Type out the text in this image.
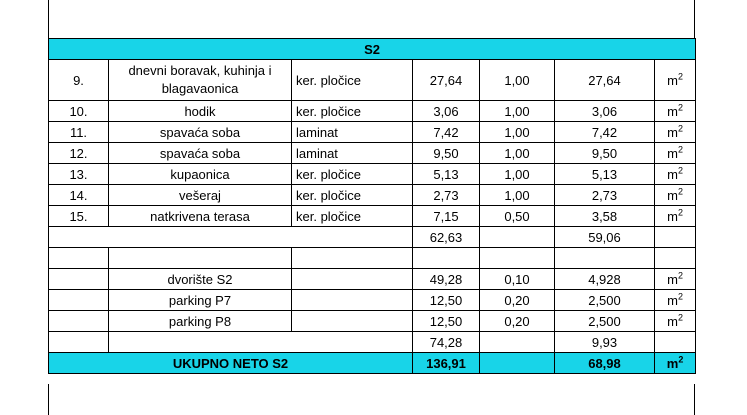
S2						
9.	dnevni boravak, kuhinja i blagavaonica	ker. pločice	27,64	1,00	27,64	$m^2$
10.	hodik	ker. pločice	3,06	1,00	3,06	$m^2$
11.	spavaća soba	laminat	7,42	1,00	7,42	$m^2$
12.	spavaća soba	laminat	9,50	1,00	9,50	$m^2$
13.	kupaonica	ker. pločice	5,13	1,00	5,13	$m^2$
14.	vešeraj	ker. pločice	2,73	1,00	2,73	$m^2$
15.	natkrivena terasa	ker. pločice	7,15	0,50	3,58	$m^2$
			62,63		59,06	

	dvorište S2		49,28	0,10	4,928	$m^2$
	parking P7		12,50	0,20	2,500	$m^2$
	parking P8		12,50	0,20	2,500	$m^2$
			74,28		9,93	
UKUPNO NETO S2			136,91		68,98	$m^2$
